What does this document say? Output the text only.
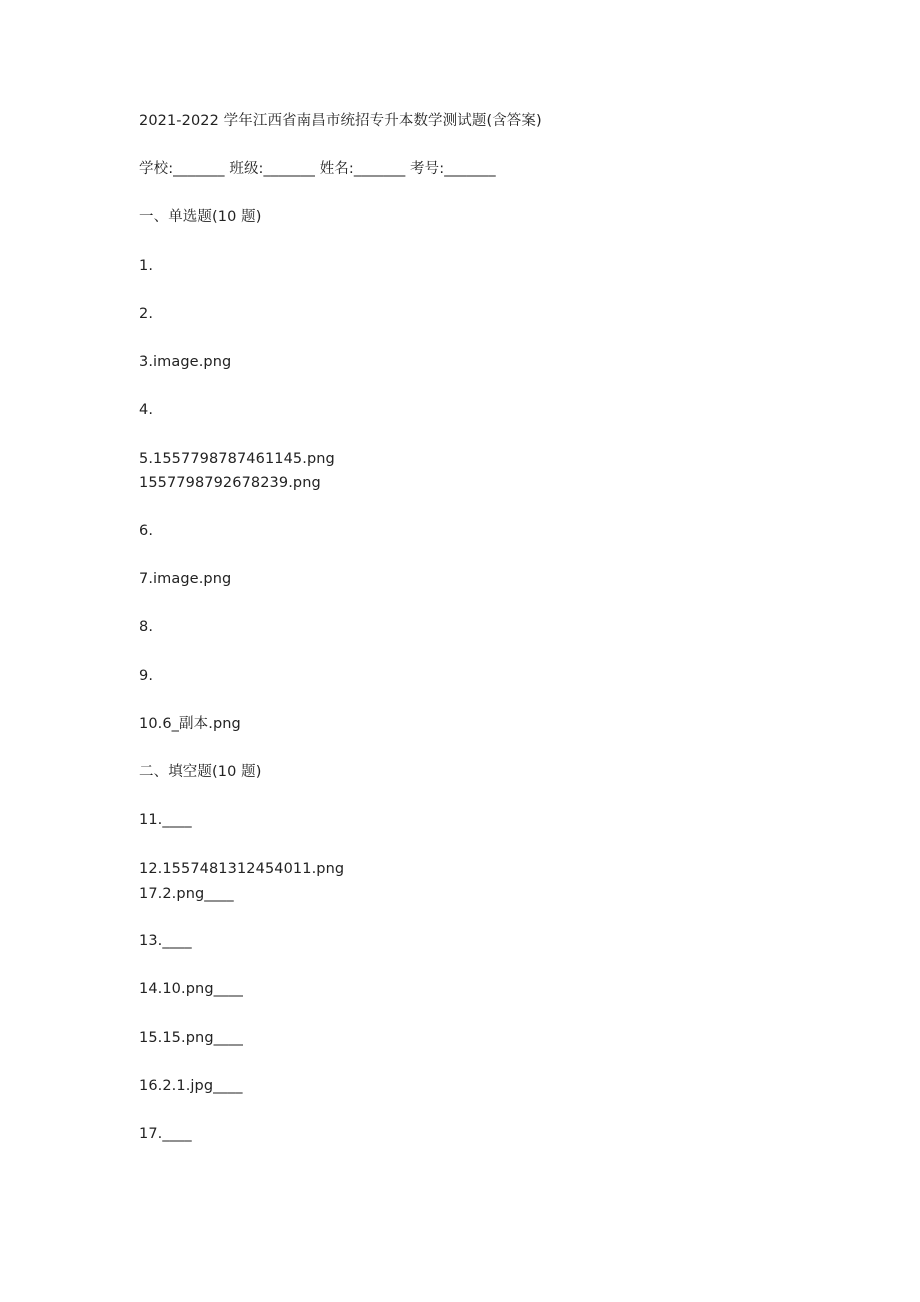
2021-2022 学年江西省南昌市统招专升本数学测试题(含答案)
学校:_______ 班级:_______ 姓名:_______ 考号:_______
一、单选题(10 题)
1.
2.
3.image.png
4.
5.1557798787461145.png
1557798792678239.png
6.
7.image.png
8.
9.
10.6_副本.png
二、填空题(10 题)
11.____
12.1557481312454011.png
17.2.png____
13.____
14.10.png____
15.15.png____
16.2.1.jpg____
17.____
